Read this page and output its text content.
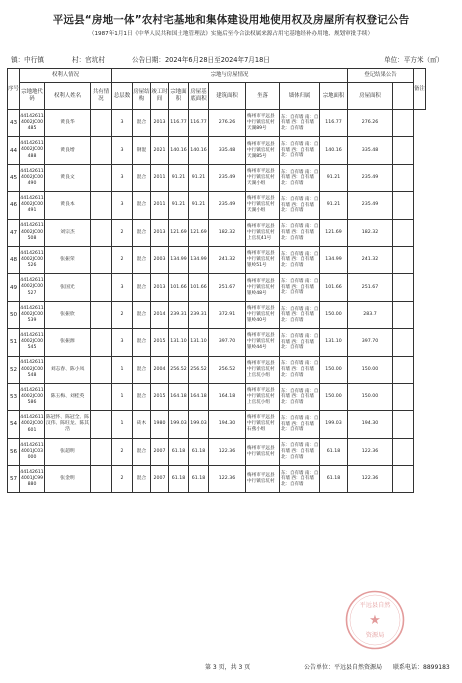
平远县“房地一体”农村宅基地和集体建设用地使用权及房屋所有权登记公告
（1987年1月1日《中华人民共和国土地管理法》实施后至今合法权属来源占用宅基地经补办用地、规划审批手续）
镇：中行镇	村：官坑村	公告日期：2024年6月28日至2024年7月18日	单位：平方米（㎡）
序号	权利人情况			宗地与房屋情况									登记结果公告		备注
	宗地地代码	权利人姓名	共有情况	总层数	房屋结构	竣工时间	宗地面积	房屋基底面积	建筑面积	坐落	墙体归属	宗地面积	房屋面积		
43	441426114002JC00485	黄良华		3	混合	2013	116.77	116.77	276.26	梅州市平远县中行镇官坑村天湖89号	东：自有墙 南：自有墙 西：自有墙 北：自有墙	116.77	276.26		
44	441426114002JC00488	黄良增		3	钢混	2021	140.16	140.16	335.48	梅州市平远县中行镇官坑村天湖85号	东：自有墙 南：自有墙 西：自有墙 北：自有墙	140.16	335.48		
45	441426114002JC00490	黄良文		3	混合	2011	91.21	91.21	235.49	梅州市平远县中行镇官坑村天湖小组	东：自有墙 南：自有墙 西：自有墙 北：自有墙	91.21	235.49		
46	441426114002JC00491	黄良本		3	混合	2011	91.21	91.21	235.49	梅州市平远县中行镇官坑村天湖小组	东：自有墙 南：自有墙 西：自有墙 北：自有墙	91.21	235.49		
47	441426114002JC00508	刘宗杰		2	混合	2013	121.69	121.69	182.32	梅州市平远县中行镇官坑村上官坑41号	东：自有墙 南：自有墙 西：自有墙 北：自有墙	121.69	182.32		
48	441426114002JC00526	张振荣		2	混合	2003	134.99	134.99	241.32	梅州市平远县中行镇官坑村银岭51号	东：自有墙 南：自有墙 西：自有墙 北：自有墙	134.99	241.32		
49	441426114002JC00527	张国光		3	混合	2013	101.66	101.66	251.67	梅州市平远县中行镇官坑村银岭48号	东：自有墙 南：自有墙 西：自有墙 北：自有墙	101.66	251.67		
50	441426114002JC00539	张振欣		2	混合	2014	239.31	239.31	372.91	梅州市平远县中行镇官坑村银岭40号	东：自有墙 南：自有墙 西：自有墙 北：自有墙	150.00	283.7		
51	441426114002JC00545	张振源		3	混合	2015	131.10	131.10	397.70	梅州市平远县中行镇官坑村银岭44号	东：自有墙 南：自有墙 西：自有墙 北：自有墙	131.10	397.70		
52	441426114002JC00548	刘志春、陈小凤		1	混合	2004	256.52	256.52	256.52	梅州市平远县中行镇官坑村上官坑小组	东：自有墙 南：自有墙 西：自有墙 北：自有墙	150.00	150.00		
53	441426114002JC00586	陈玉梅、刘桂英		1	混合	2015	164.18	164.18	164.18	梅州市平远县中行镇官坑村上官坑小组	东：自有墙 南：自有墙 西：自有墙 北：自有墙	150.00	150.00		
54	441426114002JC00601	陈冠怀、陈冠全、陈汉伟、陈旺龙、陈其浩		1	砖木	1980	199.03	199.03	194.30	梅州市平远县中行镇官坑村石燕小组	东：自有墙 南：自有墙 西：自有墙 北：自有墙	199.03	194.30		
56	441426114001JC03000	张超明		2	混合	2007	61.18	61.18	122.36	梅州市平远县中行镇官坑村	东：自有墙 南：自有墙 西：自有墙 北：自有墙	61.18	122.36		
57	441426114001JC99880	张金明		2	混合	2007	61.18	61.18	122.36	梅州市平远县中行镇官坑村	东：自有墙 南：自有墙 西：自有墙 北：自有墙	61.18	122.36		
★
平远县自然
资源局
第 3 页，共 3 页	公告单位：平远县自然资源局 联系电话：8899183
